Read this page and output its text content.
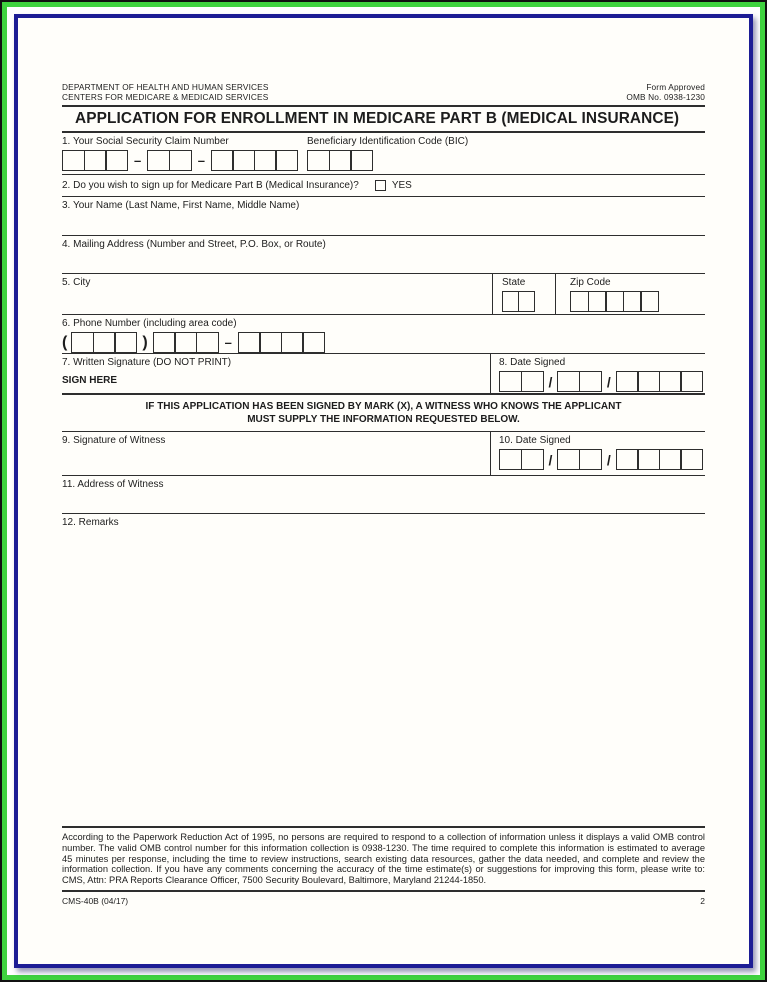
DEPARTMENT OF HEALTH AND HUMAN SERVICES
CENTERS FOR MEDICARE & MEDICAID SERVICES
Form Approved
OMB No. 0938-1230
APPLICATION FOR ENROLLMENT IN MEDICARE PART B (MEDICAL INSURANCE)
1. Your Social Security Claim Number
–	–
Beneficiary Identification Code (BIC)
2. Do you wish to sign up for Medicare Part B (Medical Insurance)?	YES
3. Your Name (Last Name, First Name, Middle Name)
4. Mailing Address (Number and Street, P.O. Box, or Route)
5. City	State	Zip Code
6. Phone Number (including area code)
(	)	–
7. Written Signature (DO NOT PRINT)
SIGN HERE
8. Date Signed
/	/
IF THIS APPLICATION HAS BEEN SIGNED BY MARK (X), A WITNESS WHO KNOWS THE APPLICANT
MUST SUPPLY THE INFORMATION REQUESTED BELOW.
9. Signature of Witness	10. Date Signed
/	/
11. Address of Witness
12. Remarks
According to the Paperwork Reduction Act of 1995, no persons are required to respond to a collection of information unless it displays a valid OMB control number. The valid OMB control number for this information collection is 0938-1230. The time required to complete this information is estimated to average 45 minutes per response, including the time to review instructions, search existing data resources, gather the data needed, and complete and review the information collection. If you have any comments concerning the accuracy of the time estimate(s) or suggestions for improving this form, please write to: CMS, Attn: PRA Reports Clearance Officer, 7500 Security Boulevard, Baltimore, Maryland 21244-1850.
CMS-40B (04/17)	2
